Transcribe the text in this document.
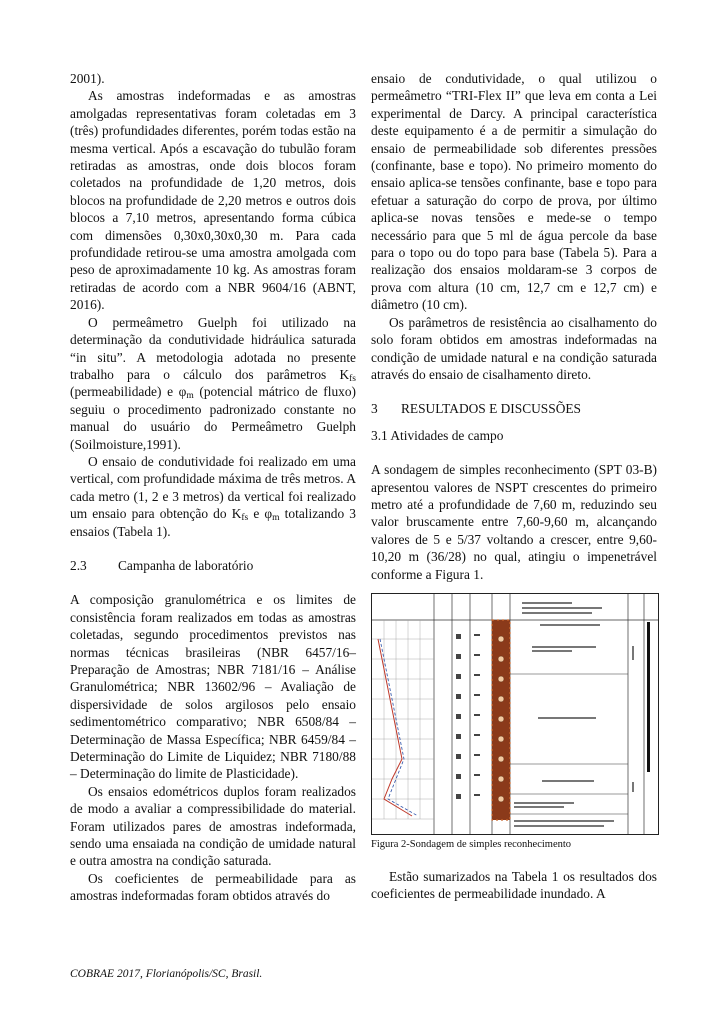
2001).

As amostras indeformadas e as amostras amolgadas representativas foram coletadas em 3 (três) profundidades diferentes, porém todas estão na mesma vertical. Após a escavação do tubulão foram retiradas as amostras, onde dois blocos foram coletados na profundidade de 1,20 metros, dois blocos na profundidade de 2,20 metros e outros dois blocos a 7,10 metros, apresentando forma cúbica com dimensões 0,30x0,30x0,30 m. Para cada profundidade retirou-se uma amostra amolgada com peso de aproximadamente 10 kg. As amostras foram retiradas de acordo com a NBR 9604/16 (ABNT, 2016).

O permeâmetro Guelph foi utilizado na determinação da condutividade hidráulica saturada “in situ”. A metodologia adotada no presente trabalho para o cálculo dos parâmetros $K_{fs}$ (permeabilidade) e $\varphi_m$ (potencial mátrico de fluxo) seguiu o procedimento padronizado constante no manual do usuário do Permeâmetro Guelph (Soilmoisture,1991).

O ensaio de condutividade foi realizado em uma vertical, com profundidade máxima de três metros. A cada metro (1, 2 e 3 metros) da vertical foi realizado um ensaio para obtenção do $K_{fs}$ e $\varphi_m$ totalizando 3 ensaios (Tabela 1).

2.3	Campanha de laboratório

A composição granulométrica e os limites de consistência foram realizados em todas as amostras coletadas, segundo procedimentos previstos nas normas técnicas brasileiras (NBR 6457/16– Preparação de Amostras; NBR 7181/16 – Análise Granulométrica; NBR 13602/96 – Avaliação de dispersividade de solos argilosos pelo ensaio sedimentométrico comparativo; NBR 6508/84 – Determinação de Massa Específica; NBR 6459/84 – Determinação do Limite de Liquidez; NBR 7180/88 – Determinação do limite de Plasticidade).

Os ensaios edométricos duplos foram realizados de modo a avaliar a compressibilidade do material. Foram utilizados pares de amostras indeformada, sendo uma ensaiada na condição de umidade natural e outra amostra na condição saturada.

Os coeficientes de permeabilidade para as amostras indeformadas foram obtidos através do

ensaio de condutividade, o qual utilizou o permeâmetro “TRI-Flex II” que leva em conta a Lei experimental de Darcy. A principal característica deste equipamento é a de permitir a simulação do ensaio de permeabilidade sob diferentes pressões (confinante, base e topo). No primeiro momento do ensaio aplica-se tensões confinante, base e topo para efetuar a saturação do corpo de prova, por último aplica-se novas tensões e mede-se o tempo necessário para que 5 ml de água percole da base para o topo ou do topo para base (Tabela 5). Para a realização dos ensaios moldaram-se 3 corpos de prova com altura (10 cm, 12,7 cm e 12,7 cm) e diâmetro (10 cm).

Os parâmetros de resistência ao cisalhamento do solo foram obtidos em amostras indeformadas na condição de umidade natural e na condição saturada através do ensaio de cisalhamento direto.

3	RESULTADOS E DISCUSSÕES

3.1 Atividades de campo

A sondagem de simples reconhecimento (SPT 03-B) apresentou valores de NSPT crescentes do primeiro metro até a profundidade de 7,60 m, reduzindo seu valor bruscamente entre 7,60-9,60 m, alcançando valores de 5 e 5/37 voltando a crescer, entre 9,60-10,20 m (36/28) no qual, atingiu o impenetrável conforme a Figura 1.

Figura 2-Sondagem de simples reconhecimento

Estão sumarizados na Tabela 1 os resultados dos coeficientes de permeabilidade inundado. A

COBRAE 2017, Florianópolis/SC, Brasil.
